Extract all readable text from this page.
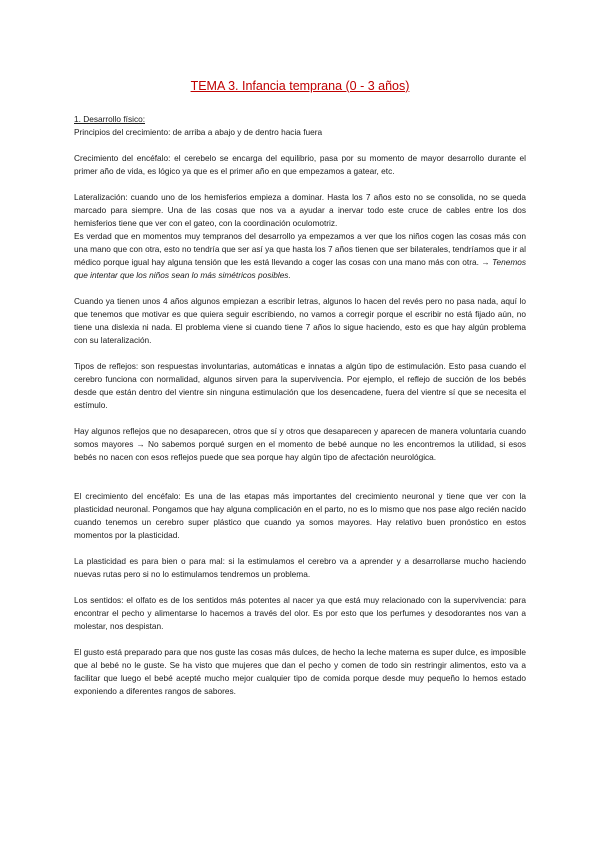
TEMA 3. Infancia temprana (0 - 3 años)
1. Desarrollo físico:

Principios del crecimiento: de arriba a abajo y de dentro hacia fuera

Crecimiento del encéfalo: el cerebelo se encarga del equilibrio, pasa por su momento de mayor desarrollo durante el primer año de vida, es lógico ya que es el primer año en que empezamos a gatear, etc.

Lateralización: cuando uno de los hemisferios empieza a dominar. Hasta los 7 años esto no se consolida, no se queda marcado para siempre. Una de las cosas que nos va a ayudar a inervar todo este cruce de cables entre los dos hemisferios tiene que ver con el gateo, con la coordinación oculomotriz.

Es verdad que en momentos muy tempranos del desarrollo ya empezamos a ver que los niños cogen las cosas más con una mano que con otra, esto no tendría que ser así ya que hasta los 7 años tienen que ser bilaterales, tendríamos que ir al médico porque igual hay alguna tensión que les está llevando a coger las cosas con una mano más con otra. → Tenemos que intentar que los niños sean lo más simétricos posibles.

Cuando ya tienen unos 4 años algunos empiezan a escribir letras, algunos lo hacen del revés pero no pasa nada, aquí lo que tenemos que motivar es que quiera seguir escribiendo, no vamos a corregir porque el escribir no está fijado aún, no tiene una dislexia ni nada. El problema viene si cuando tiene 7 años lo sigue haciendo, esto es que hay algún problema con su lateralización.

Tipos de reflejos: son respuestas involuntarias, automáticas e innatas a algún tipo de estimulación. Esto pasa cuando el cerebro funciona con normalidad, algunos sirven para la supervivencia. Por ejemplo, el reflejo de succión de los bebés desde que están dentro del vientre sin ninguna estimulación que los desencadene, fuera del vientre sí que se necesita el estímulo.

Hay algunos reflejos que no desaparecen, otros que sí y otros que desaparecen y aparecen de manera voluntaria cuando somos mayores → No sabemos porqué surgen en el momento de bebé aunque no les encontremos la utilidad, si esos bebés no nacen con esos reflejos puede que sea porque hay algún tipo de afectación neurológica.

El crecimiento del encéfalo: Es una de las etapas más importantes del crecimiento neuronal y tiene que ver con la plasticidad neuronal. Pongamos que hay alguna complicación en el parto, no es lo mismo que nos pase algo recién nacido cuando tenemos un cerebro super plástico que cuando ya somos mayores. Hay relativo buen pronóstico en estos momentos por la plasticidad.

La plasticidad es para bien o para mal: si la estimulamos el cerebro va a aprender y a desarrollarse mucho haciendo nuevas rutas pero si no lo estimulamos tendremos un problema.

Los sentidos: el olfato es de los sentidos más potentes al nacer ya que está muy relacionado con la supervivencia: para encontrar el pecho y alimentarse lo hacemos a través del olor. Es por esto que los perfumes y desodorantes nos van a molestar, nos despistan.

El gusto está preparado para que nos guste las cosas más dulces, de hecho la leche materna es super dulce, es imposible que al bebé no le guste. Se ha visto que mujeres que dan el pecho y comen de todo sin restringir alimentos, esto va a facilitar que luego el bebé acepté mucho mejor cualquier tipo de comida porque desde muy pequeño lo hemos estado exponiendo a diferentes rangos de sabores.
